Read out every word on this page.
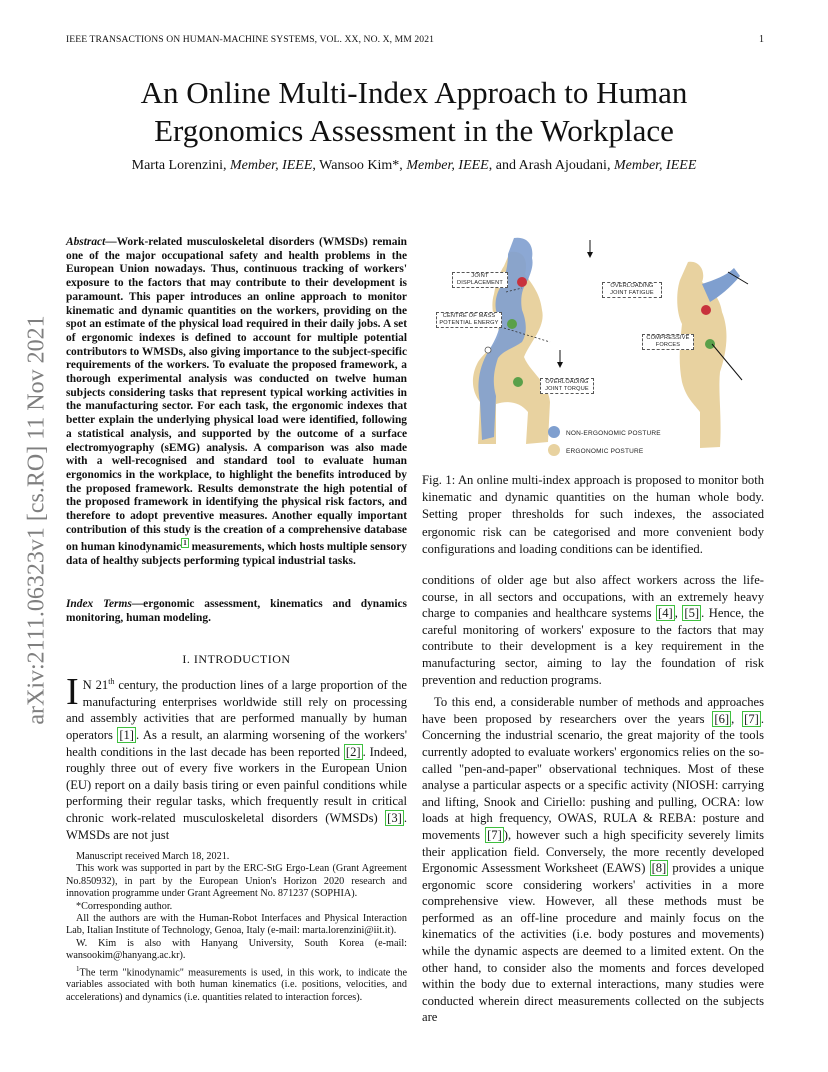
IEEE TRANSACTIONS ON HUMAN-MACHINE SYSTEMS, VOL. XX, NO. X, MM 2021	1
An Online Multi-Index Approach to Human
Ergonomics Assessment in the Workplace
Marta Lorenzini, Member, IEEE, Wansoo Kim*, Member, IEEE, and Arash Ajoudani, Member, IEEE
arXiv:2111.06323v1 [cs.RO] 11 Nov 2021
Abstract—Work-related musculoskeletal disorders (WMSDs) remain one of the major occupational safety and health problems in the European Union nowadays. Thus, continuous tracking of workers' exposure to the factors that may contribute to their development is paramount. This paper introduces an online approach to monitor kinematic and dynamic quantities on the workers, providing on the spot an estimate of the physical load required in their daily jobs. A set of ergonomic indexes is defined to account for multiple potential contributors to WMSDs, also giving importance to the subject-specific requirements of the workers. To evaluate the proposed framework, a thorough experimental analysis was conducted on twelve human subjects considering tasks that represent typical working activities in the manufacturing sector. For each task, the ergonomic indexes that better explain the underlying physical load were identified, following a statistical analysis, and supported by the outcome of a surface electromyography (sEMG) analysis. A comparison was also made with a well-recognised and standard tool to evaluate human ergonomics in the workplace, to highlight the benefits introduced by the proposed framework. Results demonstrate the high potential of the proposed framework in identifying the physical risk factors, and therefore to adopt preventive measures. Another equally important contribution of this study is the creation of a comprehensive database on human kinodynamic $^1$ measurements, which hosts multiple sensory data of healthy subjects performing typical industrial tasks.
Index Terms—ergonomic assessment, kinematics and dynamics monitoring, human modeling.
I. INTRODUCTION
I N 21th century, the production lines of a large proportion of the manufacturing enterprises worldwide still rely on processing and assembly activities that are performed manually by human operators [1] . As a result, an alarming worsening of the workers' health conditions in the last decade has been reported [2] . Indeed, roughly three out of every five workers in the European Union (EU) report on a daily basis tiring or even painful conditions while performing their regular tasks, which frequently result in critical chronic work-related musculoskeletal disorders (WMSDs) [3] . WMSDs are not just

Manuscript received March 18, 2021.

This work was supported in part by the ERC-StG Ergo-Lean (Grant Agreement No.850932), in part by the European Union's Horizon 2020 research and innovation programme under Grant Agreement No. 871237 (SOPHIA).

*Corresponding author.

All the authors are with the Human-Robot Interfaces and Physical Interaction Lab, Italian Institute of Technology, Genoa, Italy (e-mail: marta.lorenzini@iit.it).

W. Kim is also with Hanyang University, South Korea (e-mail: wansookim@hanyang.ac.kr).

$^1$The term "kinodynamic" measurements is used, in this work, to indicate the variables associated with both human kinematics (i.e. positions, velocities, and accelerations) and dynamics (i.e. quantities related to interaction forces).

NON-ERGONOMIC POSTURE
ERGONOMIC POSTURE
JOINT DISPLACEMENT
CENTRE OF MASS POTENTIAL ENERGY
OVERLOADING JOINT TORQUE
OVERLOADING JOINT FATIGUE
COMPRESSIVE FORCES
Fig. 1: An online multi-index approach is proposed to monitor both kinematic and dynamic quantities on the human whole body. Setting proper thresholds for such indexes, the associated ergonomic risk can be categorised and more convenient body configurations and loading conditions can be identified.

conditions of older age but also affect workers across the life-course, in all sectors and occupations, with an extremely heavy charge to companies and healthcare systems [4] , [5] . Hence, the careful monitoring of workers' exposure to the factors that may contribute to their development is a key requirement in the manufacturing sector, aiming to lay the foundation of risk prevention and reduction programs.

To this end, a considerable number of methods and approaches have been proposed by researchers over the years [6] , [7] . Concerning the industrial scenario, the great majority of the tools currently adopted to evaluate workers' ergonomics relies on the so-called "pen-and-paper" observational techniques. Most of these analyse a particular aspects or a specific activity (NIOSH: carrying and lifting, Snook and Ciriello: pushing and pulling, OCRA: low loads at high frequency, OWAS, RULA & REBA: posture and movements [7] ), however such a high specificity severely limits their application field. Conversely, the more recently developed Ergonomic Assessment Worksheet (EAWS) [8] provides a unique ergonomic score considering workers' activities in a more comprehensive view. However, all these methods must be performed as an off-line procedure and mainly focus on the kinematics of the activities (i.e. body postures and movements) while the dynamic aspects are deemed to a limited extent. On the other hand, to consider also the moments and forces developed within the body due to external interactions, many studies were conducted wherein direct measurements collected on the subjects are
